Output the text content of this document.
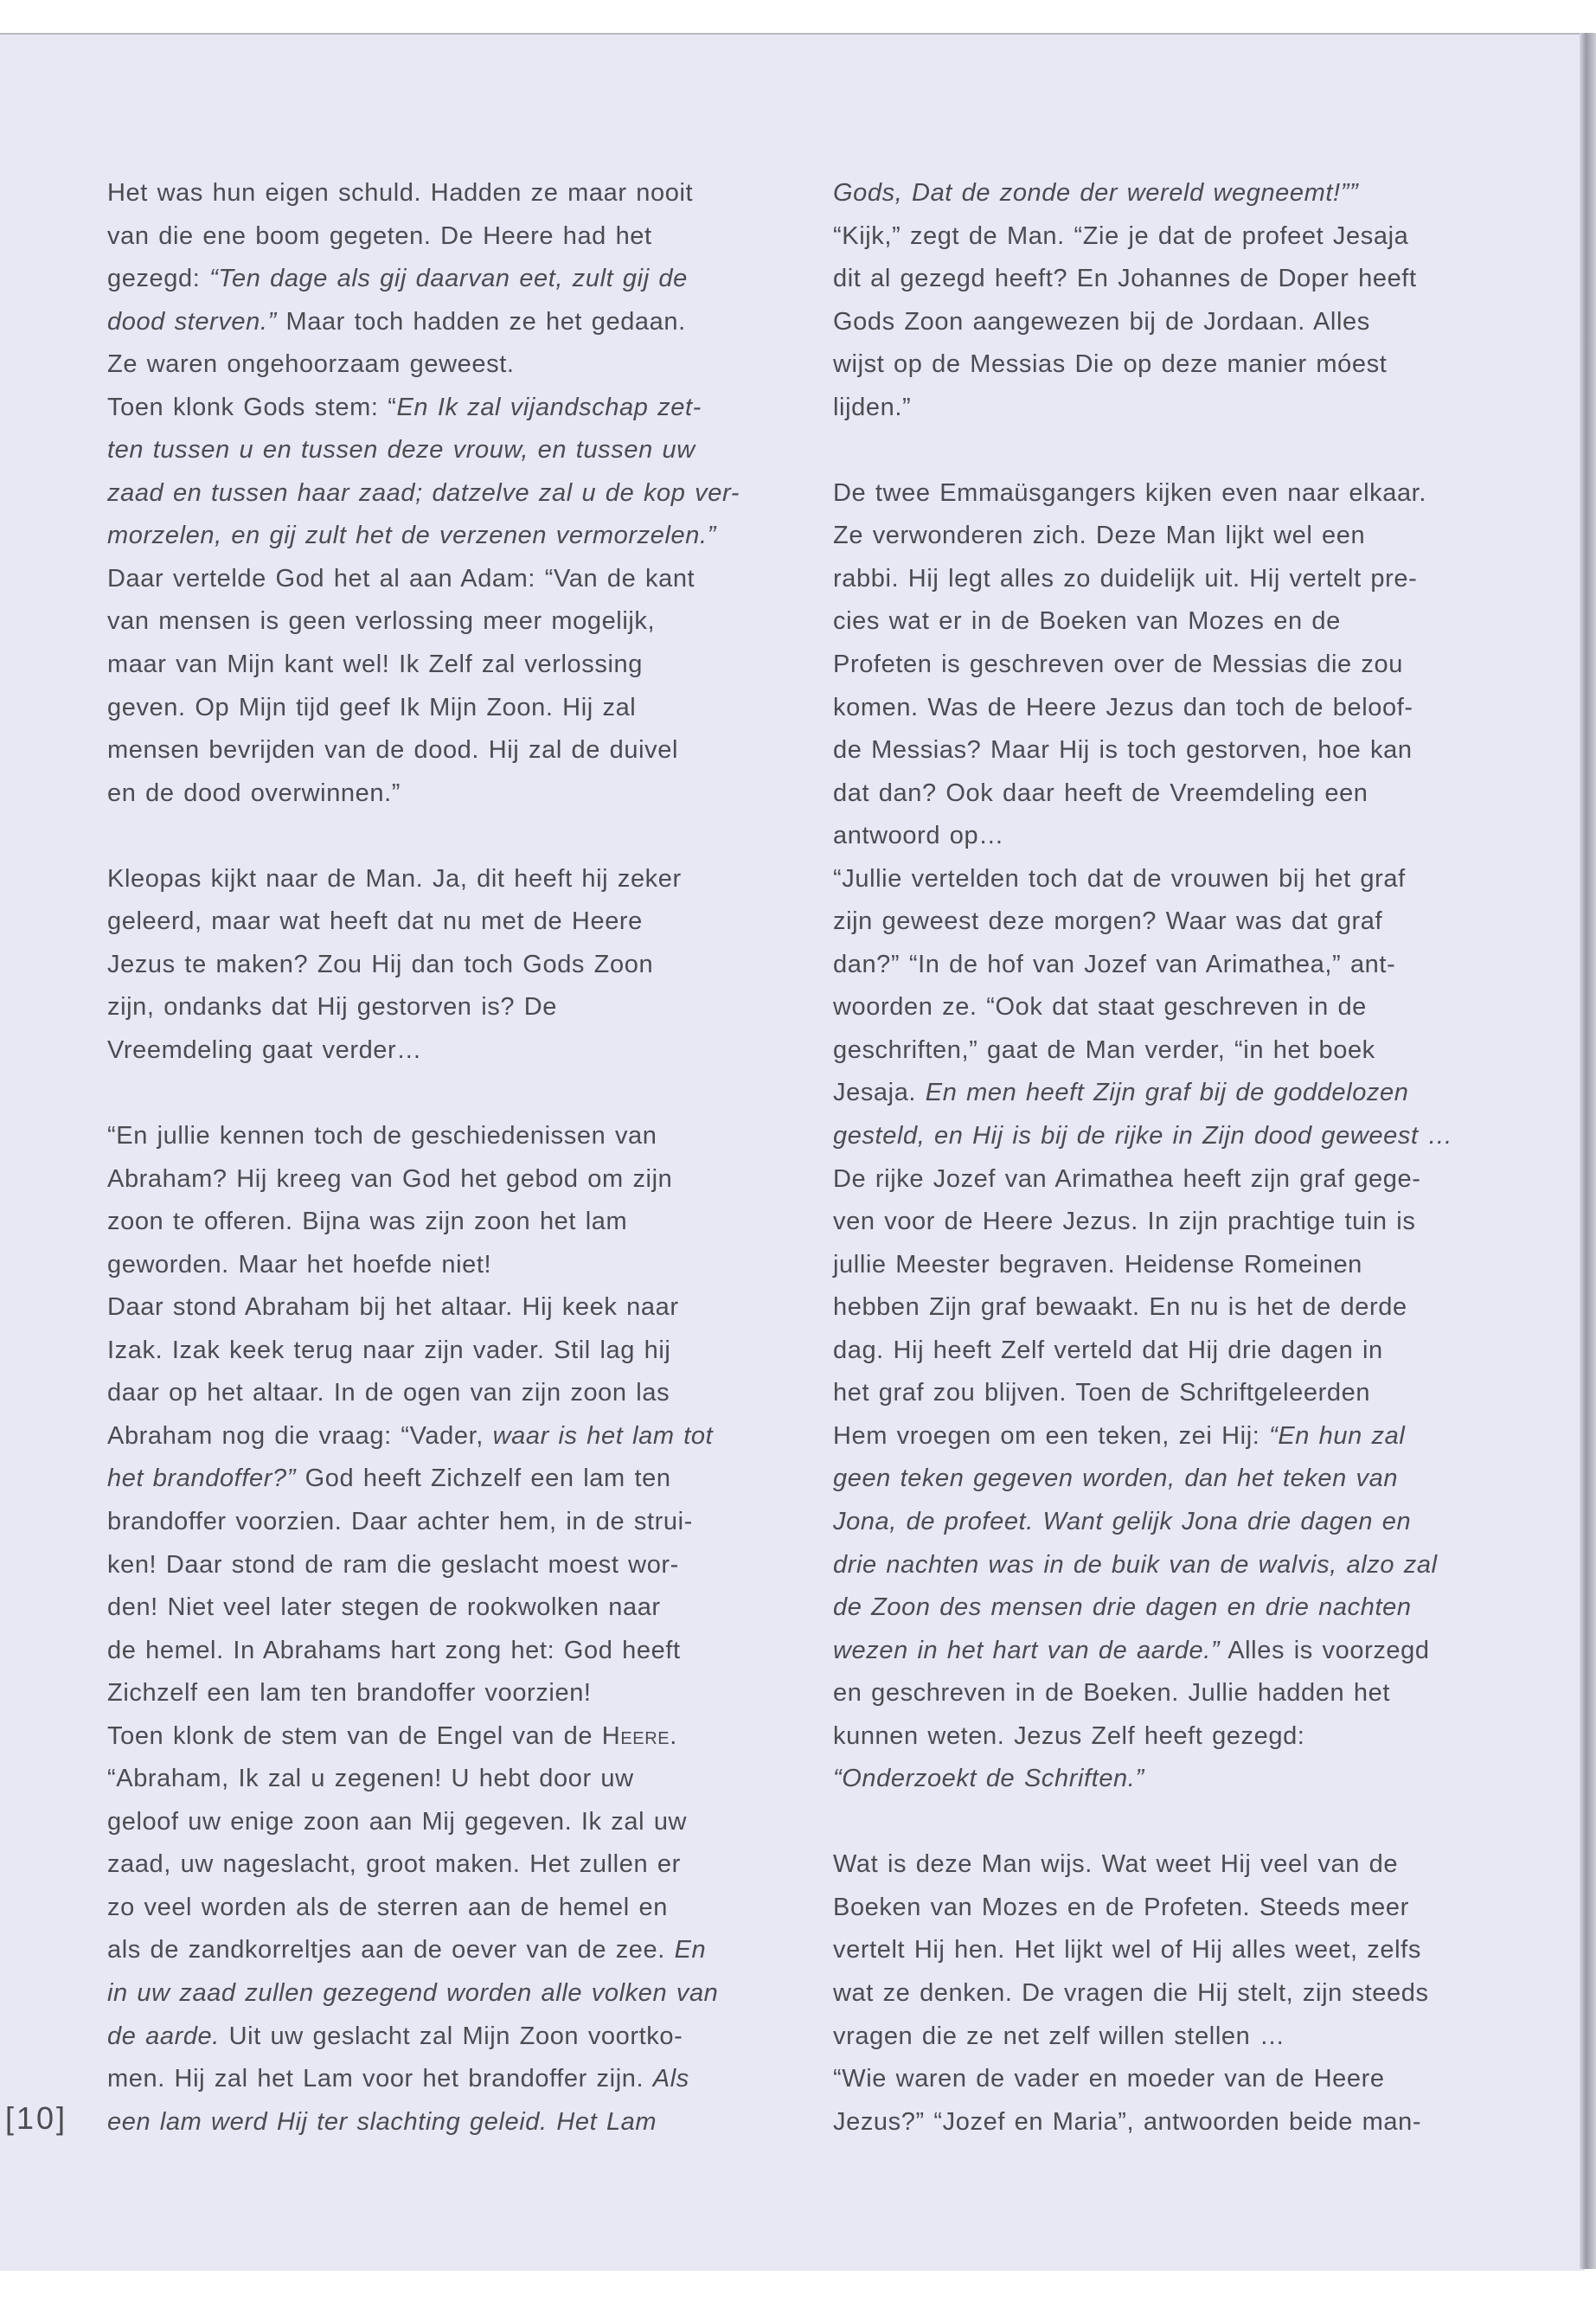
Het was hun eigen schuld. Hadden ze maar nooit
van die ene boom gegeten. De Heere had het
gezegd: “Ten dage als gij daarvan eet, zult gij de
dood sterven.” Maar toch hadden ze het gedaan.
Ze waren ongehoorzaam geweest.
Toen klonk Gods stem: “En Ik zal vijandschap zet-
ten tussen u en tussen deze vrouw, en tussen uw
zaad en tussen haar zaad; datzelve zal u de kop ver-
morzelen, en gij zult het de verzenen vermorzelen.”
Daar vertelde God het al aan Adam: “Van de kant
van mensen is geen verlossing meer mogelijk,
maar van Mijn kant wel! Ik Zelf zal verlossing
geven. Op Mijn tijd geef Ik Mijn Zoon. Hij zal
mensen bevrijden van de dood. Hij zal de duivel
en de dood overwinnen.”
Kleopas kijkt naar de Man. Ja, dit heeft hij zeker
geleerd, maar wat heeft dat nu met de Heere
Jezus te maken? Zou Hij dan toch Gods Zoon
zijn, ondanks dat Hij gestorven is? De
Vreemdeling gaat verder…
“En jullie kennen toch de geschiedenissen van
Abraham? Hij kreeg van God het gebod om zijn
zoon te offeren. Bijna was zijn zoon het lam
geworden. Maar het hoefde niet!
Daar stond Abraham bij het altaar. Hij keek naar
Izak. Izak keek terug naar zijn vader. Stil lag hij
daar op het altaar. In de ogen van zijn zoon las
Abraham nog die vraag: “Vader, waar is het lam tot
het brandoffer?” God heeft Zichzelf een lam ten
brandoffer voorzien. Daar achter hem, in de strui-
ken! Daar stond de ram die geslacht moest wor-
den! Niet veel later stegen de rookwolken naar
de hemel. In Abrahams hart zong het: God heeft
Zichzelf een lam ten brandoffer voorzien!
Toen klonk de stem van de Engel van de Heere.
“Abraham, Ik zal u zegenen! U hebt door uw
geloof uw enige zoon aan Mij gegeven. Ik zal uw
zaad, uw nageslacht, groot maken. Het zullen er
zo veel worden als de sterren aan de hemel en
als de zandkorreltjes aan de oever van de zee. En
in uw zaad zullen gezegend worden alle volken van
de aarde. Uit uw geslacht zal Mijn Zoon voortko-
men. Hij zal het Lam voor het brandoffer zijn. Als
een lam werd Hij ter slachting geleid. Het Lam
Gods, Dat de zonde der wereld wegneemt!””
“Kijk,” zegt de Man. “Zie je dat de profeet Jesaja
dit al gezegd heeft? En Johannes de Doper heeft
Gods Zoon aangewezen bij de Jordaan. Alles
wijst op de Messias Die op deze manier móest
lijden.”
De twee Emmaüsgangers kijken even naar elkaar.
Ze verwonderen zich. Deze Man lijkt wel een
rabbi. Hij legt alles zo duidelijk uit. Hij vertelt pre-
cies wat er in de Boeken van Mozes en de
Profeten is geschreven over de Messias die zou
komen. Was de Heere Jezus dan toch de beloof-
de Messias? Maar Hij is toch gestorven, hoe kan
dat dan? Ook daar heeft de Vreemdeling een
antwoord op…
“Jullie vertelden toch dat de vrouwen bij het graf
zijn geweest deze morgen? Waar was dat graf
dan?” “In de hof van Jozef van Arimathea,” ant-
woorden ze. “Ook dat staat geschreven in de
geschriften,” gaat de Man verder, “in het boek
Jesaja. En men heeft Zijn graf bij de goddelozen
gesteld, en Hij is bij de rijke in Zijn dood geweest …
De rijke Jozef van Arimathea heeft zijn graf gege-
ven voor de Heere Jezus. In zijn prachtige tuin is
jullie Meester begraven. Heidense Romeinen
hebben Zijn graf bewaakt. En nu is het de derde
dag. Hij heeft Zelf verteld dat Hij drie dagen in
het graf zou blijven. Toen de Schriftgeleerden
Hem vroegen om een teken, zei Hij: “En hun zal
geen teken gegeven worden, dan het teken van
Jona, de profeet. Want gelijk Jona drie dagen en
drie nachten was in de buik van de walvis, alzo zal
de Zoon des mensen drie dagen en drie nachten
wezen in het hart van de aarde.” Alles is voorzegd
en geschreven in de Boeken. Jullie hadden het
kunnen weten. Jezus Zelf heeft gezegd:
“Onderzoekt de Schriften.”
Wat is deze Man wijs. Wat weet Hij veel van de
Boeken van Mozes en de Profeten. Steeds meer
vertelt Hij hen. Het lijkt wel of Hij alles weet, zelfs
wat ze denken. De vragen die Hij stelt, zijn steeds
vragen die ze net zelf willen stellen …
“Wie waren de vader en moeder van de Heere
Jezus?” “Jozef en Maria”, antwoorden beide man-
[10]
